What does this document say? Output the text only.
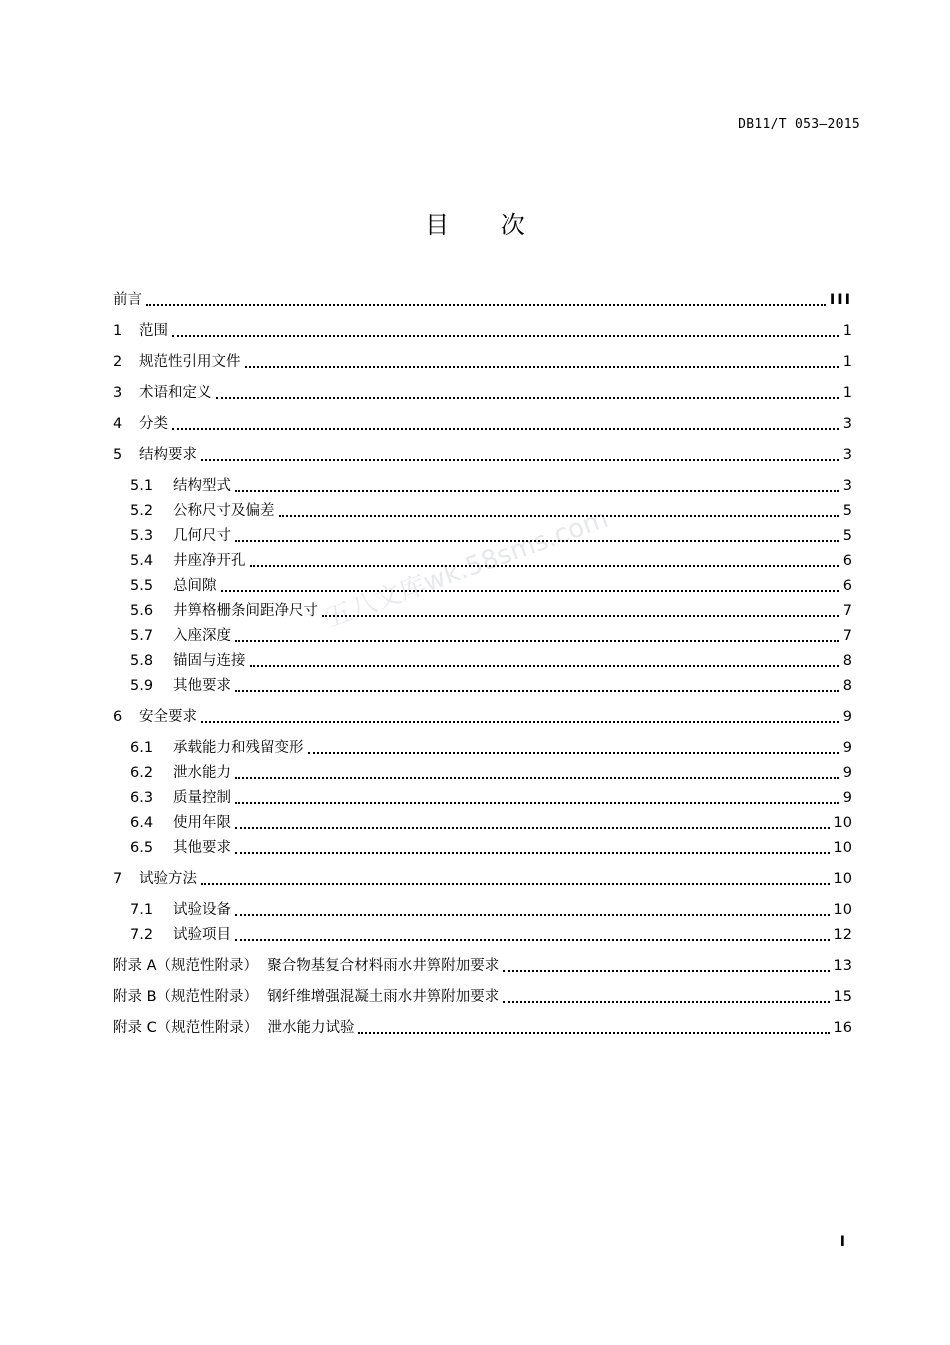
DB11/T 053—2015
目 次
五八文库wk.58sms.com
前言	III
1	范围	1
2	规范性引用文件	1
3	术语和定义	1
4	分类	3
5	结构要求	3
5.1	结构型式	3
5.2	公称尺寸及偏差	5
5.3	几何尺寸	5
5.4	井座净开孔	6
5.5	总间隙	6
5.6	井箅格栅条间距净尺寸	7
5.7	入座深度	7
5.8	锚固与连接	8
5.9	其他要求	8
6	安全要求	9
6.1	承载能力和残留变形	9
6.2	泄水能力	9
6.3	质量控制	9
6.4	使用年限	10
6.5	其他要求	10
7	试验方法	10
7.1	试验设备	10
7.2	试验项目	12
附录 A（规范性附录）  聚合物基复合材料雨水井箅附加要求	13
附录 B（规范性附录）  钢纤维增强混凝土雨水井箅附加要求	15
附录 C（规范性附录）  泄水能力试验	16
I
